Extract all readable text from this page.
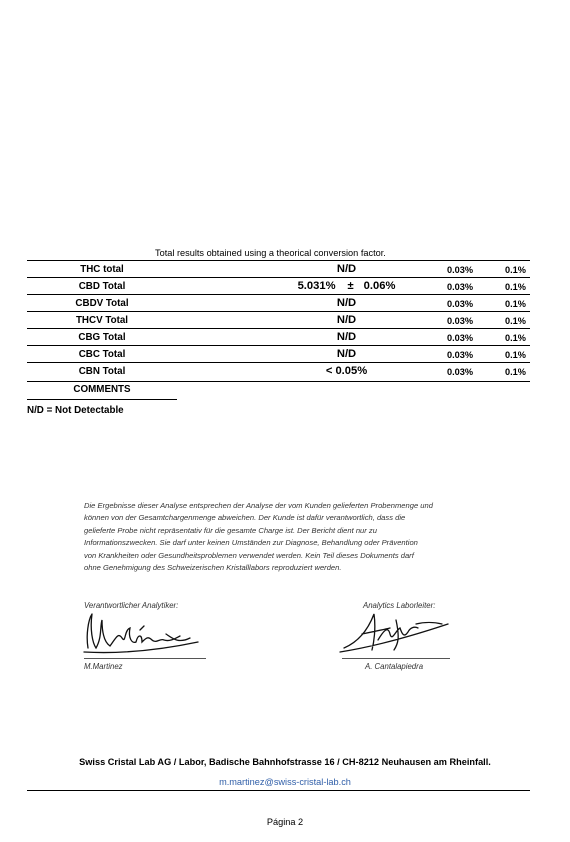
Total results obtained using a theorical conversion factor.
THC total	N/D	0.03%	0.1%
CBD Total	5.031% ± 0.06%	0.03%	0.1%
CBDV Total	N/D	0.03%	0.1%
THCV Total	N/D	0.03%	0.1%
CBG Total	N/D	0.03%	0.1%
CBC Total	N/D	0.03%	0.1%
CBN Total	< 0.05%	0.03%	0.1%
COMMENTS
N/D = Not Detectable
Die Ergebnisse dieser Analyse entsprechen der Analyse der vom Kunden gelieferten Probenmenge und
können von der Gesamtchargenmenge abweichen. Der Kunde ist dafür verantwortlich, dass die
gelieferte Probe nicht repräsentativ für die gesamte Charge ist. Der Bericht dient nur zu
Informationszwecken. Sie darf unter keinen Umständen zur Diagnose, Behandlung oder Prävention
von Krankheiten oder Gesundheitsproblemen verwendet werden. Kein Teil dieses Dokuments darf
ohne Genehmigung des Schweizerischen Kristalllabors reproduziert werden.
Verantwortlicher Analytiker:	Analytics Laborleiter:
M.Martinez	A. Cantalapiedra
Swiss Cristal Lab AG / Labor, Badische Bahnhofstrasse 16 / CH-8212 Neuhausen am Rheinfall.
m.martinez@swiss-cristal-lab.ch
Página 2
